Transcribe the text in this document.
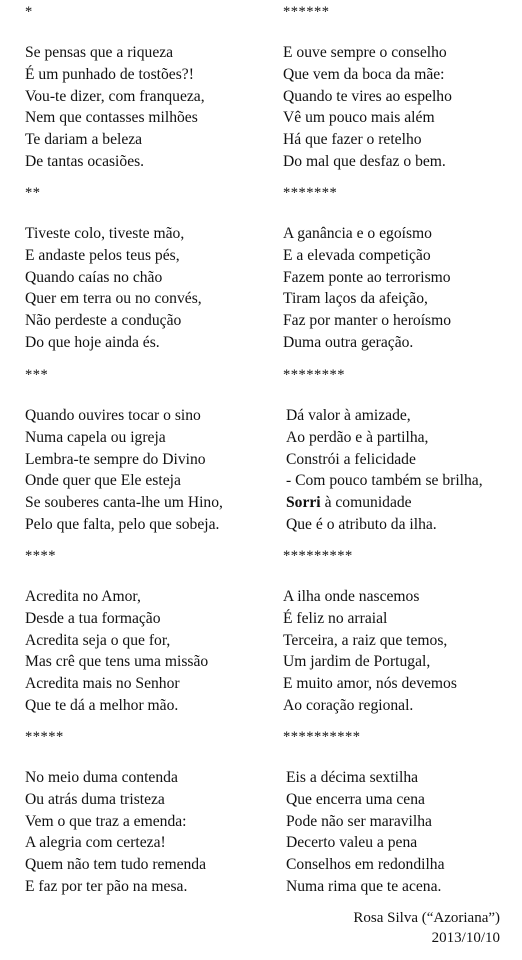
*
Se pensas que a riqueza
É um punhado de tostões?!
Vou-te dizer, com franqueza,
Nem que contasses milhões
Te dariam a beleza
De tantas ocasiões.
**
Tiveste colo, tiveste mão,
E andaste pelos teus pés,
Quando caías no chão
Quer em terra ou no convés,
Não perdeste a condução
Do que hoje ainda és.
***
Quando ouvires tocar o sino
Numa capela ou igreja
Lembra-te sempre do Divino
Onde quer que Ele esteja
Se souberes canta-lhe um Hino,
Pelo que falta, pelo que sobeja.
****
Acredita no Amor,
Desde a tua formação
Acredita seja o que for,
Mas crê que tens uma missão
Acredita mais no Senhor
Que te dá a melhor mão.
*****
No meio duma contenda
Ou atrás duma tristeza
Vem o que traz a emenda:
A alegria com certeza!
Quem não tem tudo remenda
E faz por ter pão na mesa.
******
E ouve sempre o conselho
Que vem da boca da mãe:
Quando te vires ao espelho
Vê um pouco mais além
Há que fazer o retelho
Do mal que desfaz o bem.
*******
A ganância e o egoísmo
E a elevada competição
Fazem ponte ao terrorismo
Tiram laços da afeição,
Faz por manter o heroísmo
Duma outra geração.
********
Dá valor à amizade,
Ao perdão e à partilha,
Constrói a felicidade
- Com pouco também se brilha,
Sorri à comunidade
Que é o atributo da ilha.
*********
A ilha onde nascemos
É feliz no arraial
Terceira, a raiz que temos,
Um jardim de Portugal,
E muito amor, nós devemos
Ao coração regional.
**********
Eis a décima sextilha
Que encerra uma cena
Pode não ser maravilha
Decerto valeu a pena
Conselhos em redondilha
Numa rima que te acena.
Rosa Silva (“Azoriana”)
2013/10/10
